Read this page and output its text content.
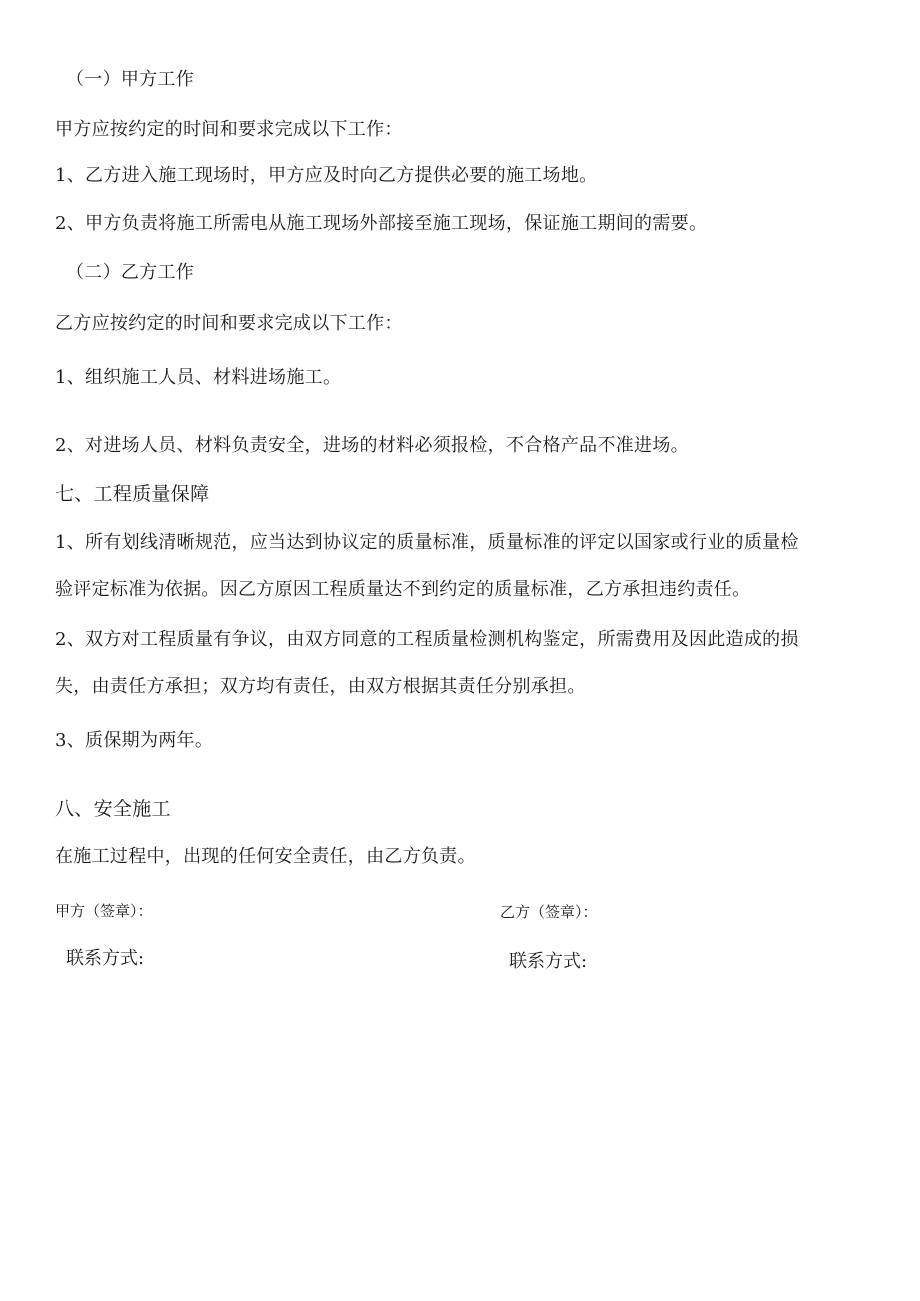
（一）甲方工作
甲方应按约定的时间和要求完成以下工作：
1、乙方进入施工现场时，甲方应及时向乙方提供必要的施工场地。
2、甲方负责将施工所需电从施工现场外部接至施工现场，保证施工期间的需要。
（二）乙方工作
乙方应按约定的时间和要求完成以下工作：
1、组织施工人员、材料进场施工。
2、对进场人员、材料负责安全，进场的材料必须报检，不合格产品不准进场。
七、工程质量保障
1、所有划线清晰规范，应当达到协议定的质量标准，质量标准的评定以国家或行业的质量检
验评定标准为依据。因乙方原因工程质量达不到约定的质量标准，乙方承担违约责任。
2、双方对工程质量有争议，由双方同意的工程质量检测机构鉴定，所需费用及因此造成的损
失，由责任方承担；双方均有责任，由双方根据其责任分别承担。
3、质保期为两年。
八、安全施工
在施工过程中，出现的任何安全责任，由乙方负责。
甲方（签章）：	乙方（签章）：
联系方式:	联系方式:
